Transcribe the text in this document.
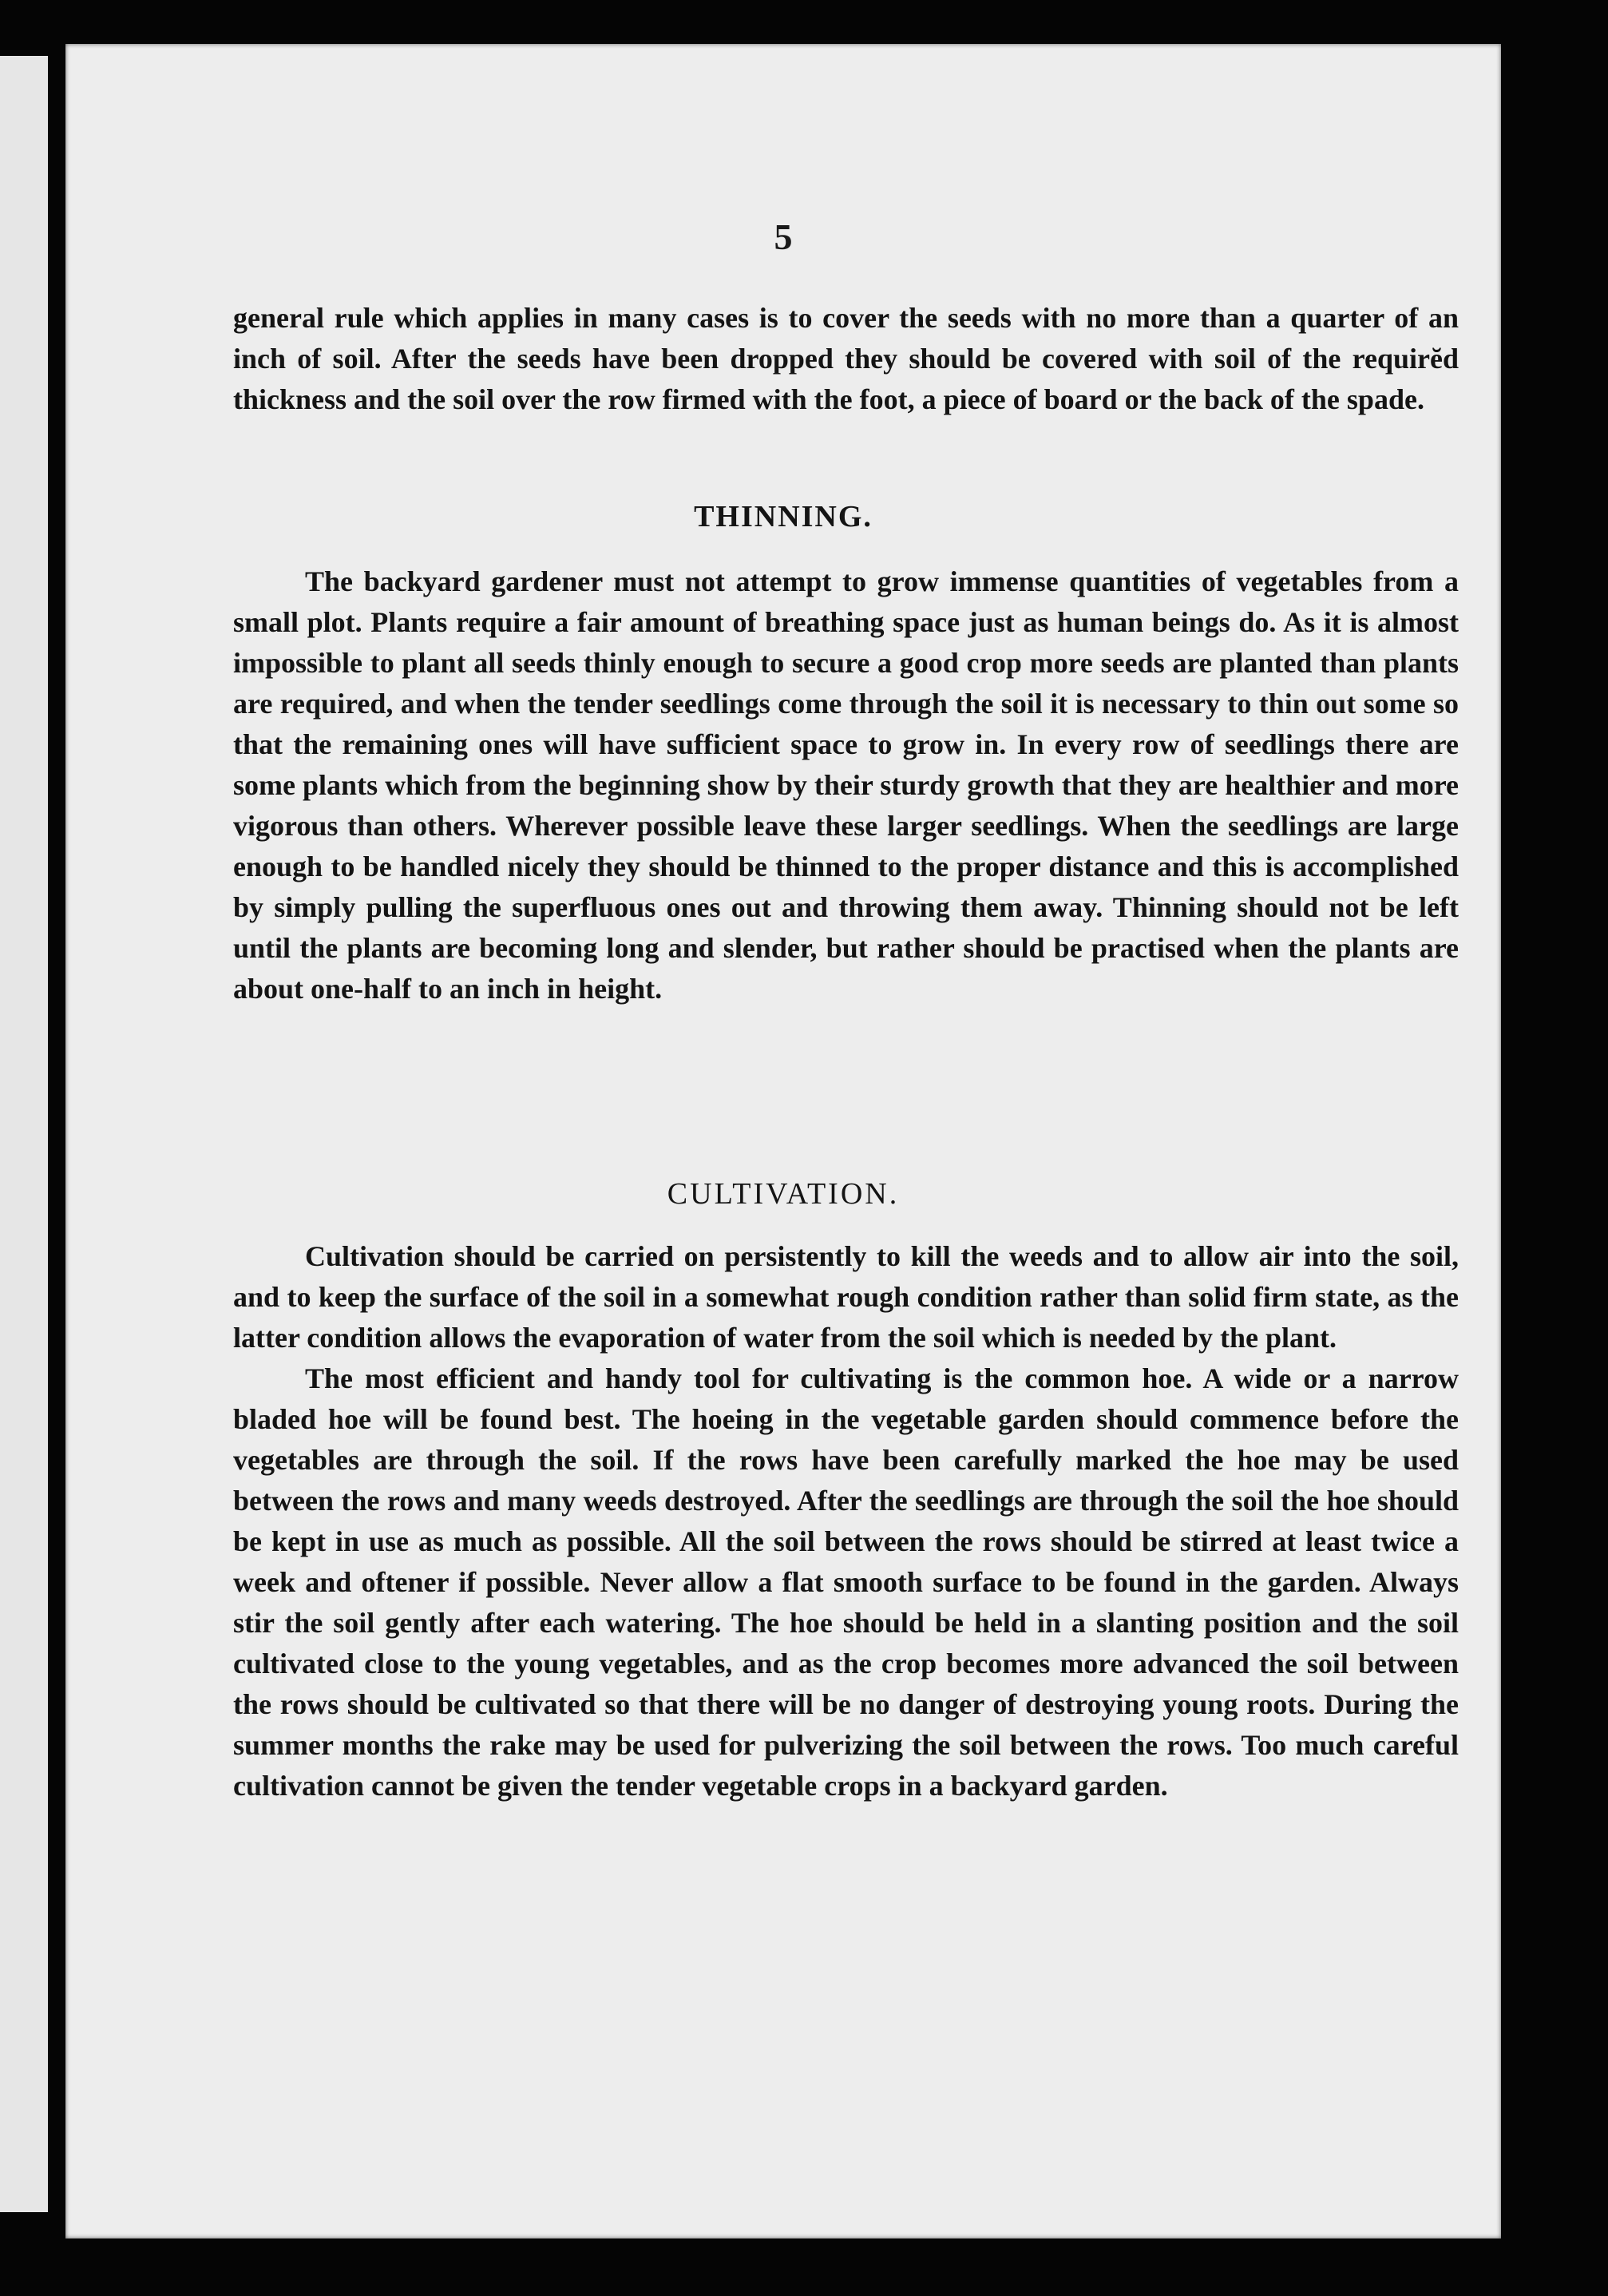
5

general rule which applies in many cases is to cover the seeds with no more than a quarter of an inch of soil. After the seeds have been dropped they should be covered with soil of the requirĕd thickness and the soil over the row firmed with the foot, a piece of board or the back of the spade.

THINNING.

The backyard gardener must not attempt to grow immense quantities of vegetables from a small plot. Plants require a fair amount of breathing space just as human beings do. As it is almost impossible to plant all seeds thinly enough to secure a good crop more seeds are planted than plants are required, and when the tender seedlings come through the soil it is necessary to thin out some so that the remaining ones will have sufficient space to grow in. In every row of seedlings there are some plants which from the beginning show by their sturdy growth that they are healthier and more vigorous than others. Wherever possible leave these larger seedlings. When the seedlings are large enough to be handled nicely they should be thinned to the proper distance and this is accomplished by simply pulling the superfluous ones out and throwing them away. Thinning should not be left until the plants are becoming long and slender, but rather should be practised when the plants are about one-half to an inch in height.

CULTIVATION.

Cultivation should be carried on persistently to kill the weeds and to allow air into the soil, and to keep the surface of the soil in a somewhat rough condition rather than solid firm state, as the latter condition allows the evaporation of water from the soil which is needed by the plant.

The most efficient and handy tool for cultivating is the common hoe. A wide or a narrow bladed hoe will be found best. The hoeing in the vegetable garden should commence before the vegetables are through the soil. If the rows have been carefully marked the hoe may be used between the rows and many weeds destroyed. After the seedlings are through the soil the hoe should be kept in use as much as possible. All the soil between the rows should be stirred at least twice a week and oftener if possible. Never allow a flat smooth surface to be found in the garden. Always stir the soil gently after each watering. The hoe should be held in a slanting position and the soil cultivated close to the young vegetables, and as the crop becomes more advanced the soil between the rows should be cultivated so that there will be no danger of destroying young roots. During the summer months the rake may be used for pulverizing the soil between the rows. Too much careful cultivation cannot be given the tender vegetable crops in a backyard garden.
